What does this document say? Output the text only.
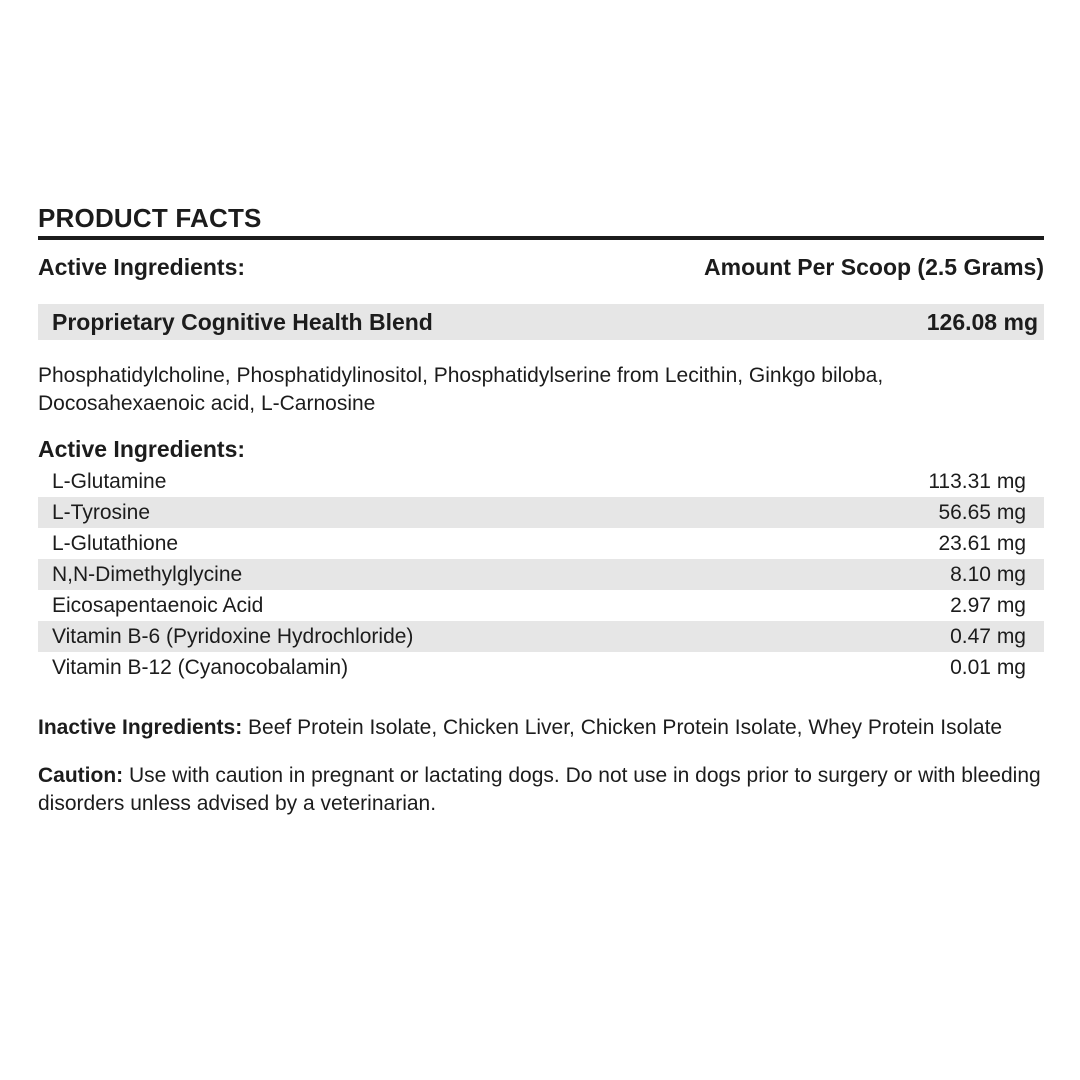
PRODUCT FACTS
Active Ingredients:	Amount Per Scoop (2.5 Grams)
Proprietary Cognitive Health Blend	126.08 mg
Phosphatidylcholine, Phosphatidylinositol, Phosphatidylserine from Lecithin, Ginkgo biloba, Docosahexaenoic acid, L-Carnosine
Active Ingredients:
L-Glutamine	113.31 mg
L-Tyrosine	56.65 mg
L-Glutathione	23.61 mg
N,N-Dimethylglycine	8.10 mg
Eicosapentaenoic Acid	2.97 mg
Vitamin B-6 (Pyridoxine Hydrochloride)	0.47 mg
Vitamin B-12 (Cyanocobalamin)	0.01 mg
Inactive Ingredients: Beef Protein Isolate, Chicken Liver, Chicken Protein Isolate, Whey Protein Isolate
Caution: Use with caution in pregnant or lactating dogs. Do not use in dogs prior to surgery or with bleeding disorders unless advised by a veterinarian.
